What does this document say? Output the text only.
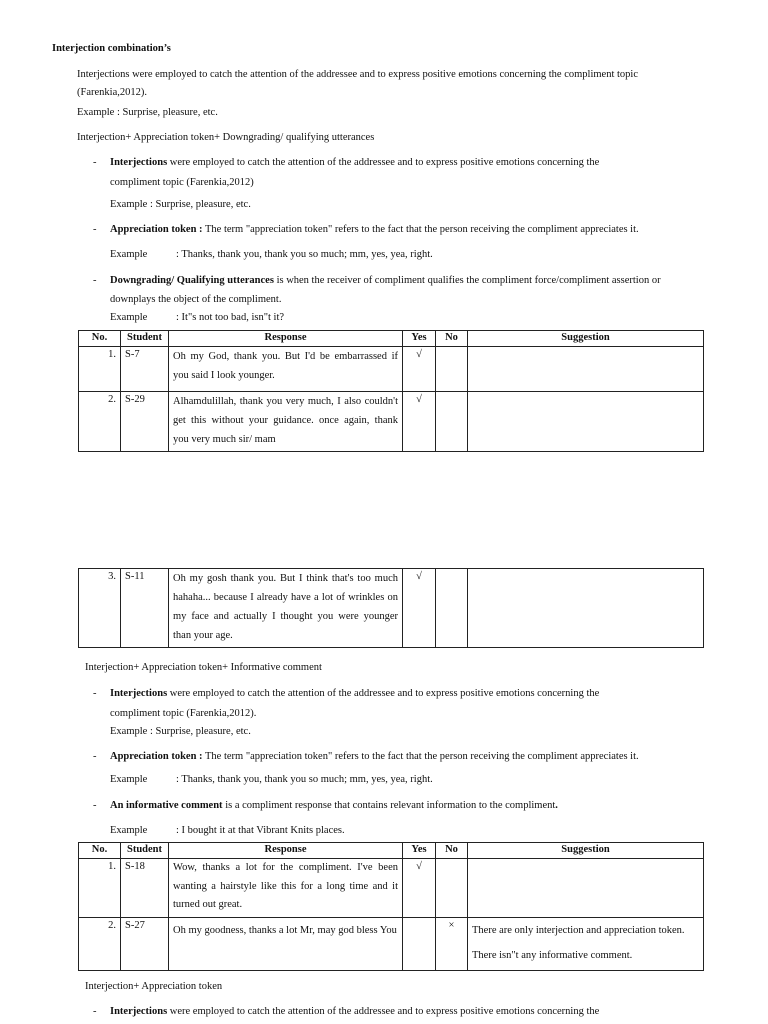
Interjection combination’s
Interjections were employed to catch the attention of the addressee and to express positive emotions concerning the compliment topic
(Farenkia,2012).
Example : Surprise, pleasure, etc.
Interjection+ Appreciation token+ Downgrading/ qualifying utterances
- Interjections were employed to catch the attention of the addressee and to express positive emotions concerning the
compliment topic (Farenkia,2012)
Example : Surprise, pleasure, etc.
- Appreciation token : The term "appreciation token" refers to the fact that the person receiving the compliment appreciates it.
Example	: Thanks, thank you, thank you so much; mm, yes, yea, right.
- Downgrading/ Qualifying utterances is when the receiver of compliment qualifies the compliment force/compliment assertion or
downplays the object of the compliment.
Example	: It"s not too bad, isn"t it?
No.	Student	Response	Yes	No	Suggestion
1.	S-7	Oh my God, thank you. But I'd be embarrassed if you said I look younger.	√		
2.	S-29	Alhamdulillah, thank you very much, I also couldn't get this without your guidance. once again, thank you very much sir/ mam	√		
3.	S-11	Oh my gosh thank you. But I think that's too much hahaha... because I already have a lot of wrinkles on my face and actually I thought you were younger than your age.	√		
Interjection+ Appreciation token+ Informative comment
- Interjections were employed to catch the attention of the addressee and to express positive emotions concerning the
compliment topic (Farenkia,2012).
Example : Surprise, pleasure, etc.
- Appreciation token : The term "appreciation token" refers to the fact that the person receiving the compliment appreciates it.
Example	: Thanks, thank you, thank you so much; mm, yes, yea, right.
- An informative comment is a compliment response that contains relevant information to the compliment.
Example	: I bought it at that Vibrant Knits places.
No.	Student	Response	Yes	No	Suggestion
1.	S-18	Wow, thanks a lot for the compliment. I've been wanting a hairstyle like this for a long time and it turned out great.	√		
2.	S-27	Oh my goodness, thanks a lot Mr, may god bless You		×	There are only interjection and appreciation token. There isn"t any informative comment.
Interjection+ Appreciation token
- Interjections were employed to catch the attention of the addressee and to express positive emotions concerning the
